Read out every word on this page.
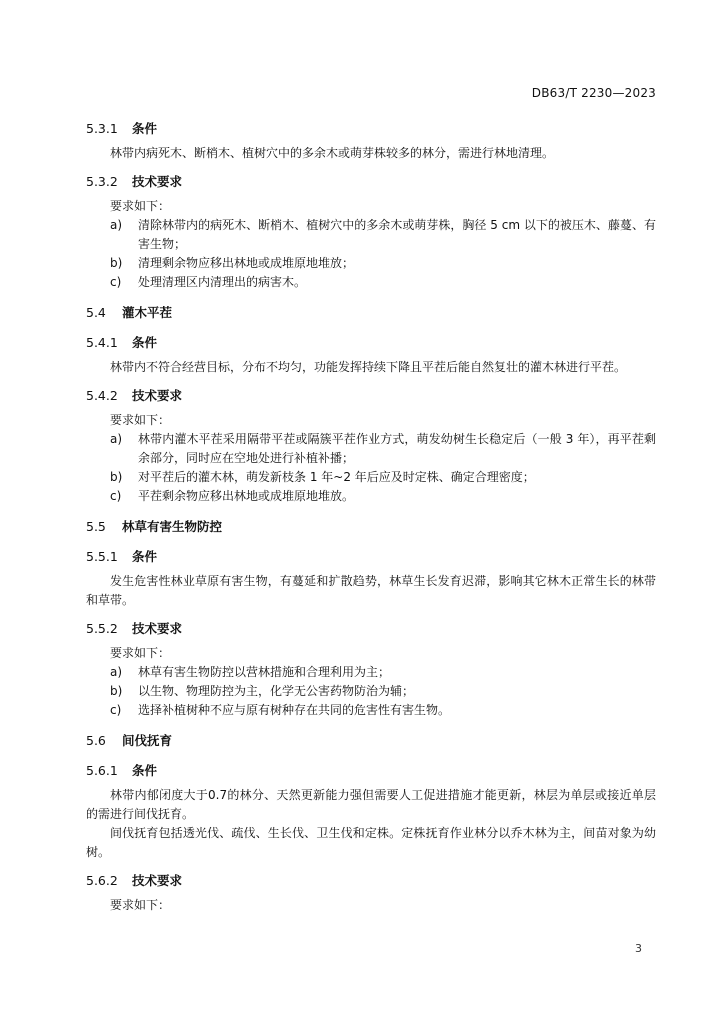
DB63/T 2230—2023
5.3.1 条件

林带内病死木、断梢木、植树穴中的多余木或萌芽株较多的林分，需进行林地清理。

5.3.2 技术要求
要求如下：
a)	清除林带内的病死木、断梢木、植树穴中的多余木或萌芽株，胸径 5 cm 以下的被压木、藤蔓、有害生物；
b)	清理剩余物应移出林地或成堆原地堆放；
c)	处理清理区内清理出的病害木。
5.4 灌木平茬
5.4.1 条件

林带内不符合经营目标，分布不均匀，功能发挥持续下降且平茬后能自然复壮的灌木林进行平茬。

5.4.2 技术要求
要求如下：
a)	林带内灌木平茬采用隔带平茬或隔簇平茬作业方式，萌发幼树生长稳定后（一般 3 年），再平茬剩余部分，同时应在空地处进行补植补播；
b)	对平茬后的灌木林，萌发新枝条 1 年~2 年后应及时定株、确定合理密度；
c)	平茬剩余物应移出林地或成堆原地堆放。
5.5 林草有害生物防控
5.5.1 条件

发生危害性林业草原有害生物，有蔓延和扩散趋势，林草生长发育迟滞，影响其它林木正常生长的林带和草带。

5.5.2 技术要求
要求如下：
a)	林草有害生物防控以营林措施和合理利用为主；
b)	以生物、物理防控为主，化学无公害药物防治为辅；
c)	选择补植树种不应与原有树种存在共同的危害性有害生物。
5.6 间伐抚育
5.6.1 条件

林带内郁闭度大于0.7的林分、天然更新能力强但需要人工促进措施才能更新，林层为单层或接近单层的需进行间伐抚育。

间伐抚育包括透光伐、疏伐、生长伐、卫生伐和定株。定株抚育作业林分以乔木林为主，间苗对象为幼树。

5.6.2 技术要求
要求如下：
3
